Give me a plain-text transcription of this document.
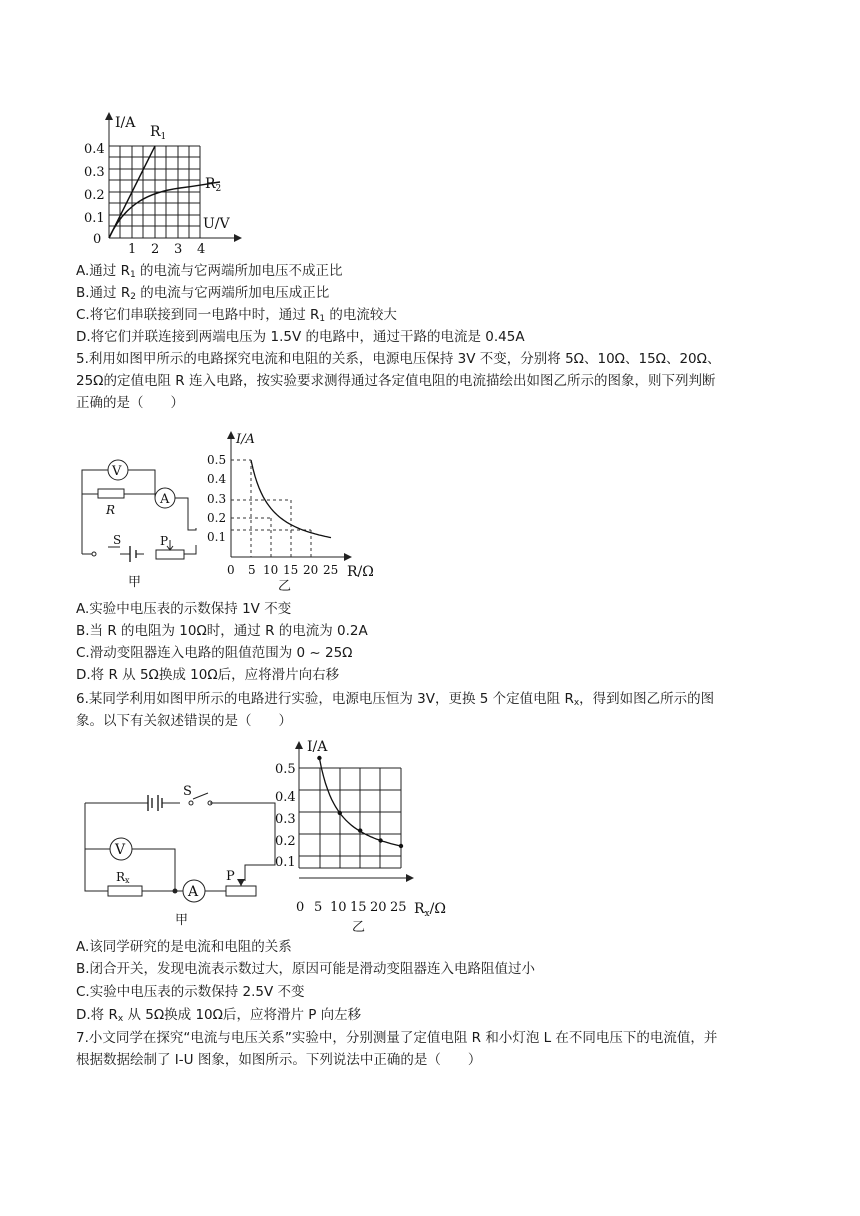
I/A
$R_1$
$R_2$
U/V
0.4
0.3
0.2
0.1
0
1 2 3 4
A.通过 $R_1$ 的电流与它两端所加电压不成正比
B.通过 $R_2$ 的电流与它两端所加电压成正比
C.将它们串联接到同一电路中时，通过 $R_1$ 的电流较大
D.将它们并联连接到两端电压为 1.5V 的电路中，通过干路的电流是 0.45A
5.利用如图甲所示的电路探究电流和电阻的关系，电源电压保持 3V 不变，分别将 5Ω、10Ω、15Ω、20Ω、
25Ω的定值电阻 R 连入电路，按实验要求测得通过各定值电阻的电流描绘出如图乙所示的图象，则下列判断
正确的是（　　）
V
R
A
S	P
甲
I/A
0.5
0.4
0.3
0.2
0.1
0 5 10 15 20 25 R/Ω
乙
A.实验中电压表的示数保持 1V 不变
B.当 R 的电阻为 10Ω时，通过 R 的电流为 0.2A
C.滑动变阻器连入电路的阻值范围为 0 ~ 25Ω
D.将 R 从 5Ω换成 10Ω后，应将滑片向右移
6.某同学利用如图甲所示的电路进行实验，电源电压恒为 3V，更换 5 个定值电阻 $R_x$，得到如图乙所示的图
象。以下有关叙述错误的是（　　）
S
V
Rx
A
P
甲
I/A
0.5
0.4
0.3
0.2
0.1
0 5 10 15 20 25 $R_x/\Omega$
乙
A.该同学研究的是电流和电阻的关系
B.闭合开关，发现电流表示数过大，原因可能是滑动变阻器连入电路阻值过小
C.实验中电压表的示数保持 2.5V 不变
D.将 $R_x$ 从 5Ω换成 10Ω后，应将滑片 P 向左移
7.小文同学在探究“电流与电压关系”实验中，分别测量了定值电阻 R 和小灯泡 L 在不同电压下的电流值，并
根据数据绘制了 I-U 图象，如图所示。下列说法中正确的是（　　）
